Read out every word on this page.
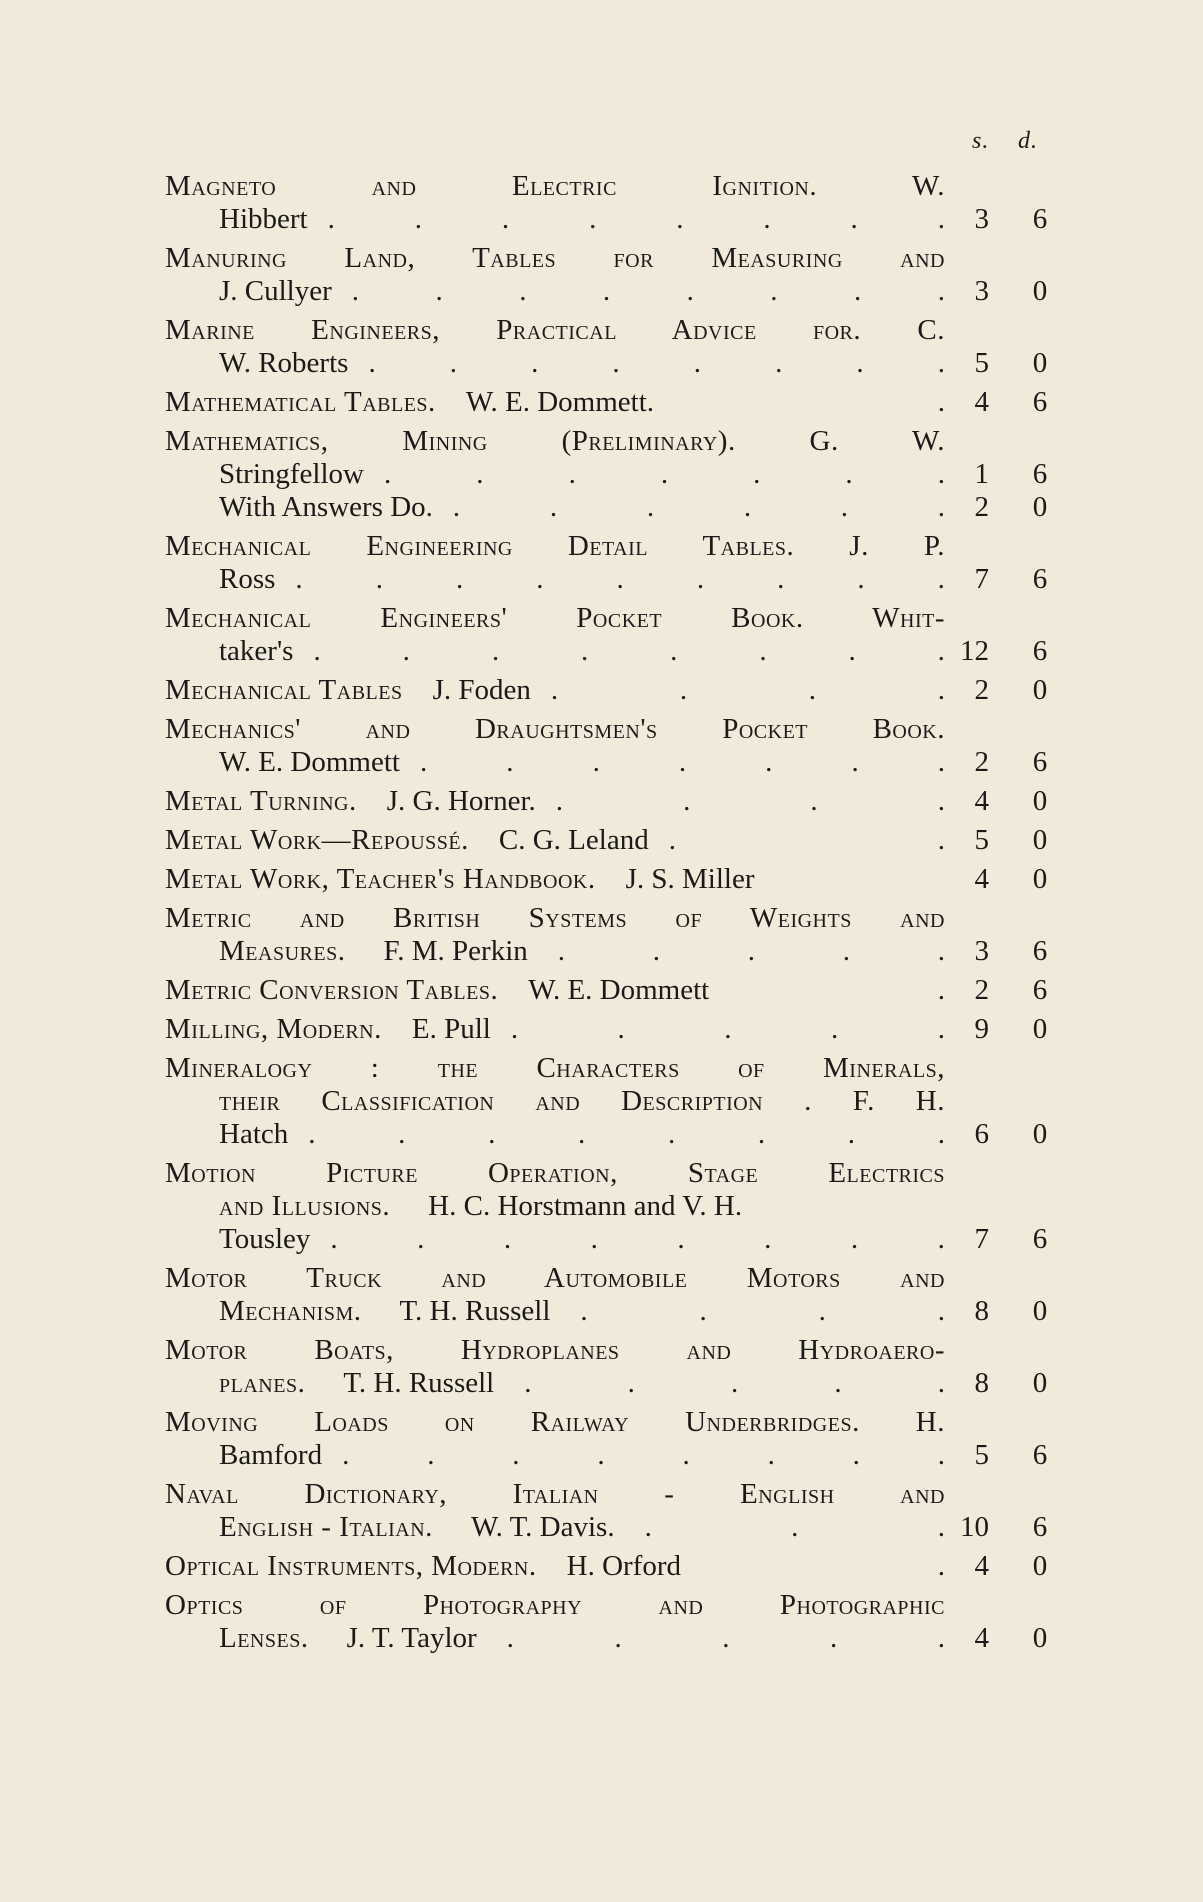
s. d.
Magneto and Electric Ignition. W.
Hibbert .	.	.	.	.	.	.	.	3	6
Manuring Land, Tables for Measuring and
J. Cullyer .	.	.	.	.	.	.	.	3	0
Marine Engineers, Practical Advice for. C.
W. Roberts .	.	.	.	.	.	.	.	5	0
Mathematical Tables. W. E. Dommett.	.	4	6
Mathematics, Mining (Preliminary). G. W.
Stringfellow .	.	.	.	.	.	.	1	6
With Answers Do. .	.	.	.	.	.	2	0
Mechanical Engineering Detail Tables. J. P.
Ross .	.	.	.	.	.	.	.	.	7	6
Mechanical Engineers' Pocket Book. Whit-
taker's .	.	.	.	.	.	.	. 12	6
Mechanical Tables J. Foden .	.	.	.	2	0
Mechanics' and Draughtsmen's Pocket Book.
W. E. Dommett .	.	.	.	.	.	.	2	6
Metal Turning. J. G. Horner. .	.	.	.	4	0
Metal Work—Repoussé. C. G. Leland .	.	5	0
Metal Work, Teacher's Handbook. J. S. Miller	4	0
Metric and British Systems of Weights and
Measures. F. M. Perkin .	.	.	.	.	3	6
Metric Conversion Tables. W. E. Dommett	.	2	6
Milling, Modern. E. Pull .	.	.	.	.	9	0
Mineralogy : the Characters of Minerals,
their Classification and Description . F. H.
Hatch .	.	.	.	.	.	.	.	6	0
Motion Picture Operation, Stage Electrics
and Illusions. H. C. Horstmann and V. H.
Tousley .	.	.	.	.	.	.	.	7	6
Motor Truck and Automobile Motors and
Mechanism. T. H. Russell .	.	.	.	8	0
Motor Boats, Hydroplanes and Hydroaero-
planes. T. H. Russell .	.	.	.	.	8	0
Moving Loads on Railway Underbridges. H.
Bamford .	.	.	.	.	.	.	.	5	6
Naval Dictionary, Italian - English and
English - Italian. W. T. Davis. .	.	. 10	6
Optical Instruments, Modern. H. Orford	.	4	0
Optics of Photography and Photographic
Lenses. J. T. Taylor .	.	.	.	.	4	0
